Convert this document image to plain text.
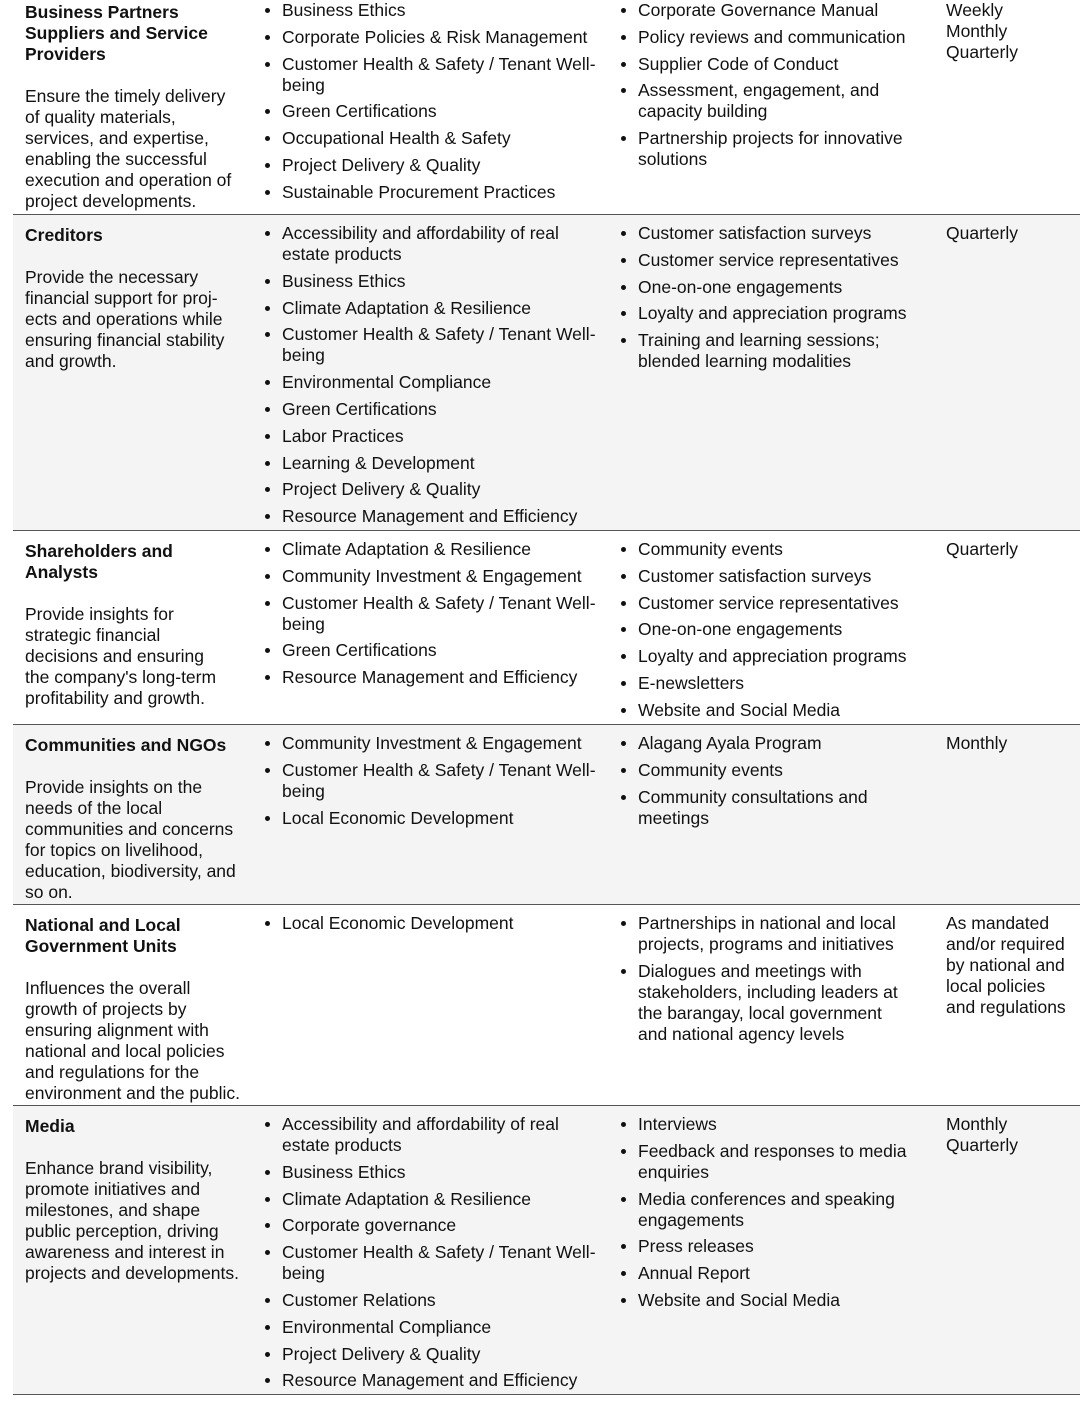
Business Partners Suppliers and Service Providers

Ensure the timely delivery of quality materials, services, and expertise, enabling the successful execution and operation of project developments.

Business Ethics
Corporate Policies & Risk Management
Customer Health & Safety / Tenant Well-being
Green Certifications
Occupational Health & Safety
Project Delivery & Quality
Sustainable Procurement Practices
Corporate Governance Manual
Policy reviews and communication
Supplier Code of Conduct
Assessment, engagement, and capacity building
Partnership projects for innovative solutions
Weekly
Monthly
Quarterly

Creditors

Provide the necessary financial support for proj-ects and operations while ensuring financial stability and growth.

Accessibility and affordability of real estate products
Business Ethics
Climate Adaptation & Resilience
Customer Health & Safety / Tenant Well-being
Environmental Compliance
Green Certifications
Labor Practices
Learning & Development
Project Delivery & Quality
Resource Management and Efficiency
Customer satisfaction surveys
Customer service representatives
One-on-one engagements
Loyalty and appreciation programs
Training and learning sessions; blended learning modalities
Quarterly

Shareholders and Analysts

Provide insights for strategic financial decisions and ensuring the company's long-term profitability and growth.

Climate Adaptation & Resilience
Community Investment & Engagement
Customer Health & Safety / Tenant Well-being
Green Certifications
Resource Management and Efficiency
Community events
Customer satisfaction surveys
Customer service representatives
One-on-one engagements
Loyalty and appreciation programs
E-newsletters
Website and Social Media
Quarterly

Communities and NGOs

Provide insights on the needs of the local communities and concerns for topics on livelihood, education, biodiversity, and so on.

Community Investment & Engagement
Customer Health & Safety / Tenant Well-being
Local Economic Development
Alagang Ayala Program
Community events
Community consultations and meetings
Monthly

National and Local Government Units

Influences the overall growth of projects by ensuring alignment with national and local policies and regulations for the environment and the public.

Local Economic Development	Partnerships in national and local projects, programs and initiatives
Dialogues and meetings with stakeholders, including leaders at the barangay, local government and national agency levels
As mandated and/or required by national and local policies and regulations

Media

Enhance brand visibility, promote initiatives and milestones, and shape public perception, driving awareness and interest in projects and developments.

Accessibility and affordability of real estate products
Business Ethics
Climate Adaptation & Resilience
Corporate governance
Customer Health & Safety / Tenant Well-being
Customer Relations
Environmental Compliance
Project Delivery & Quality
Resource Management and Efficiency
Interviews
Feedback and responses to media enquiries
Media conferences and speaking engagements
Press releases
Annual Report
Website and Social Media
Monthly
Quarterly
